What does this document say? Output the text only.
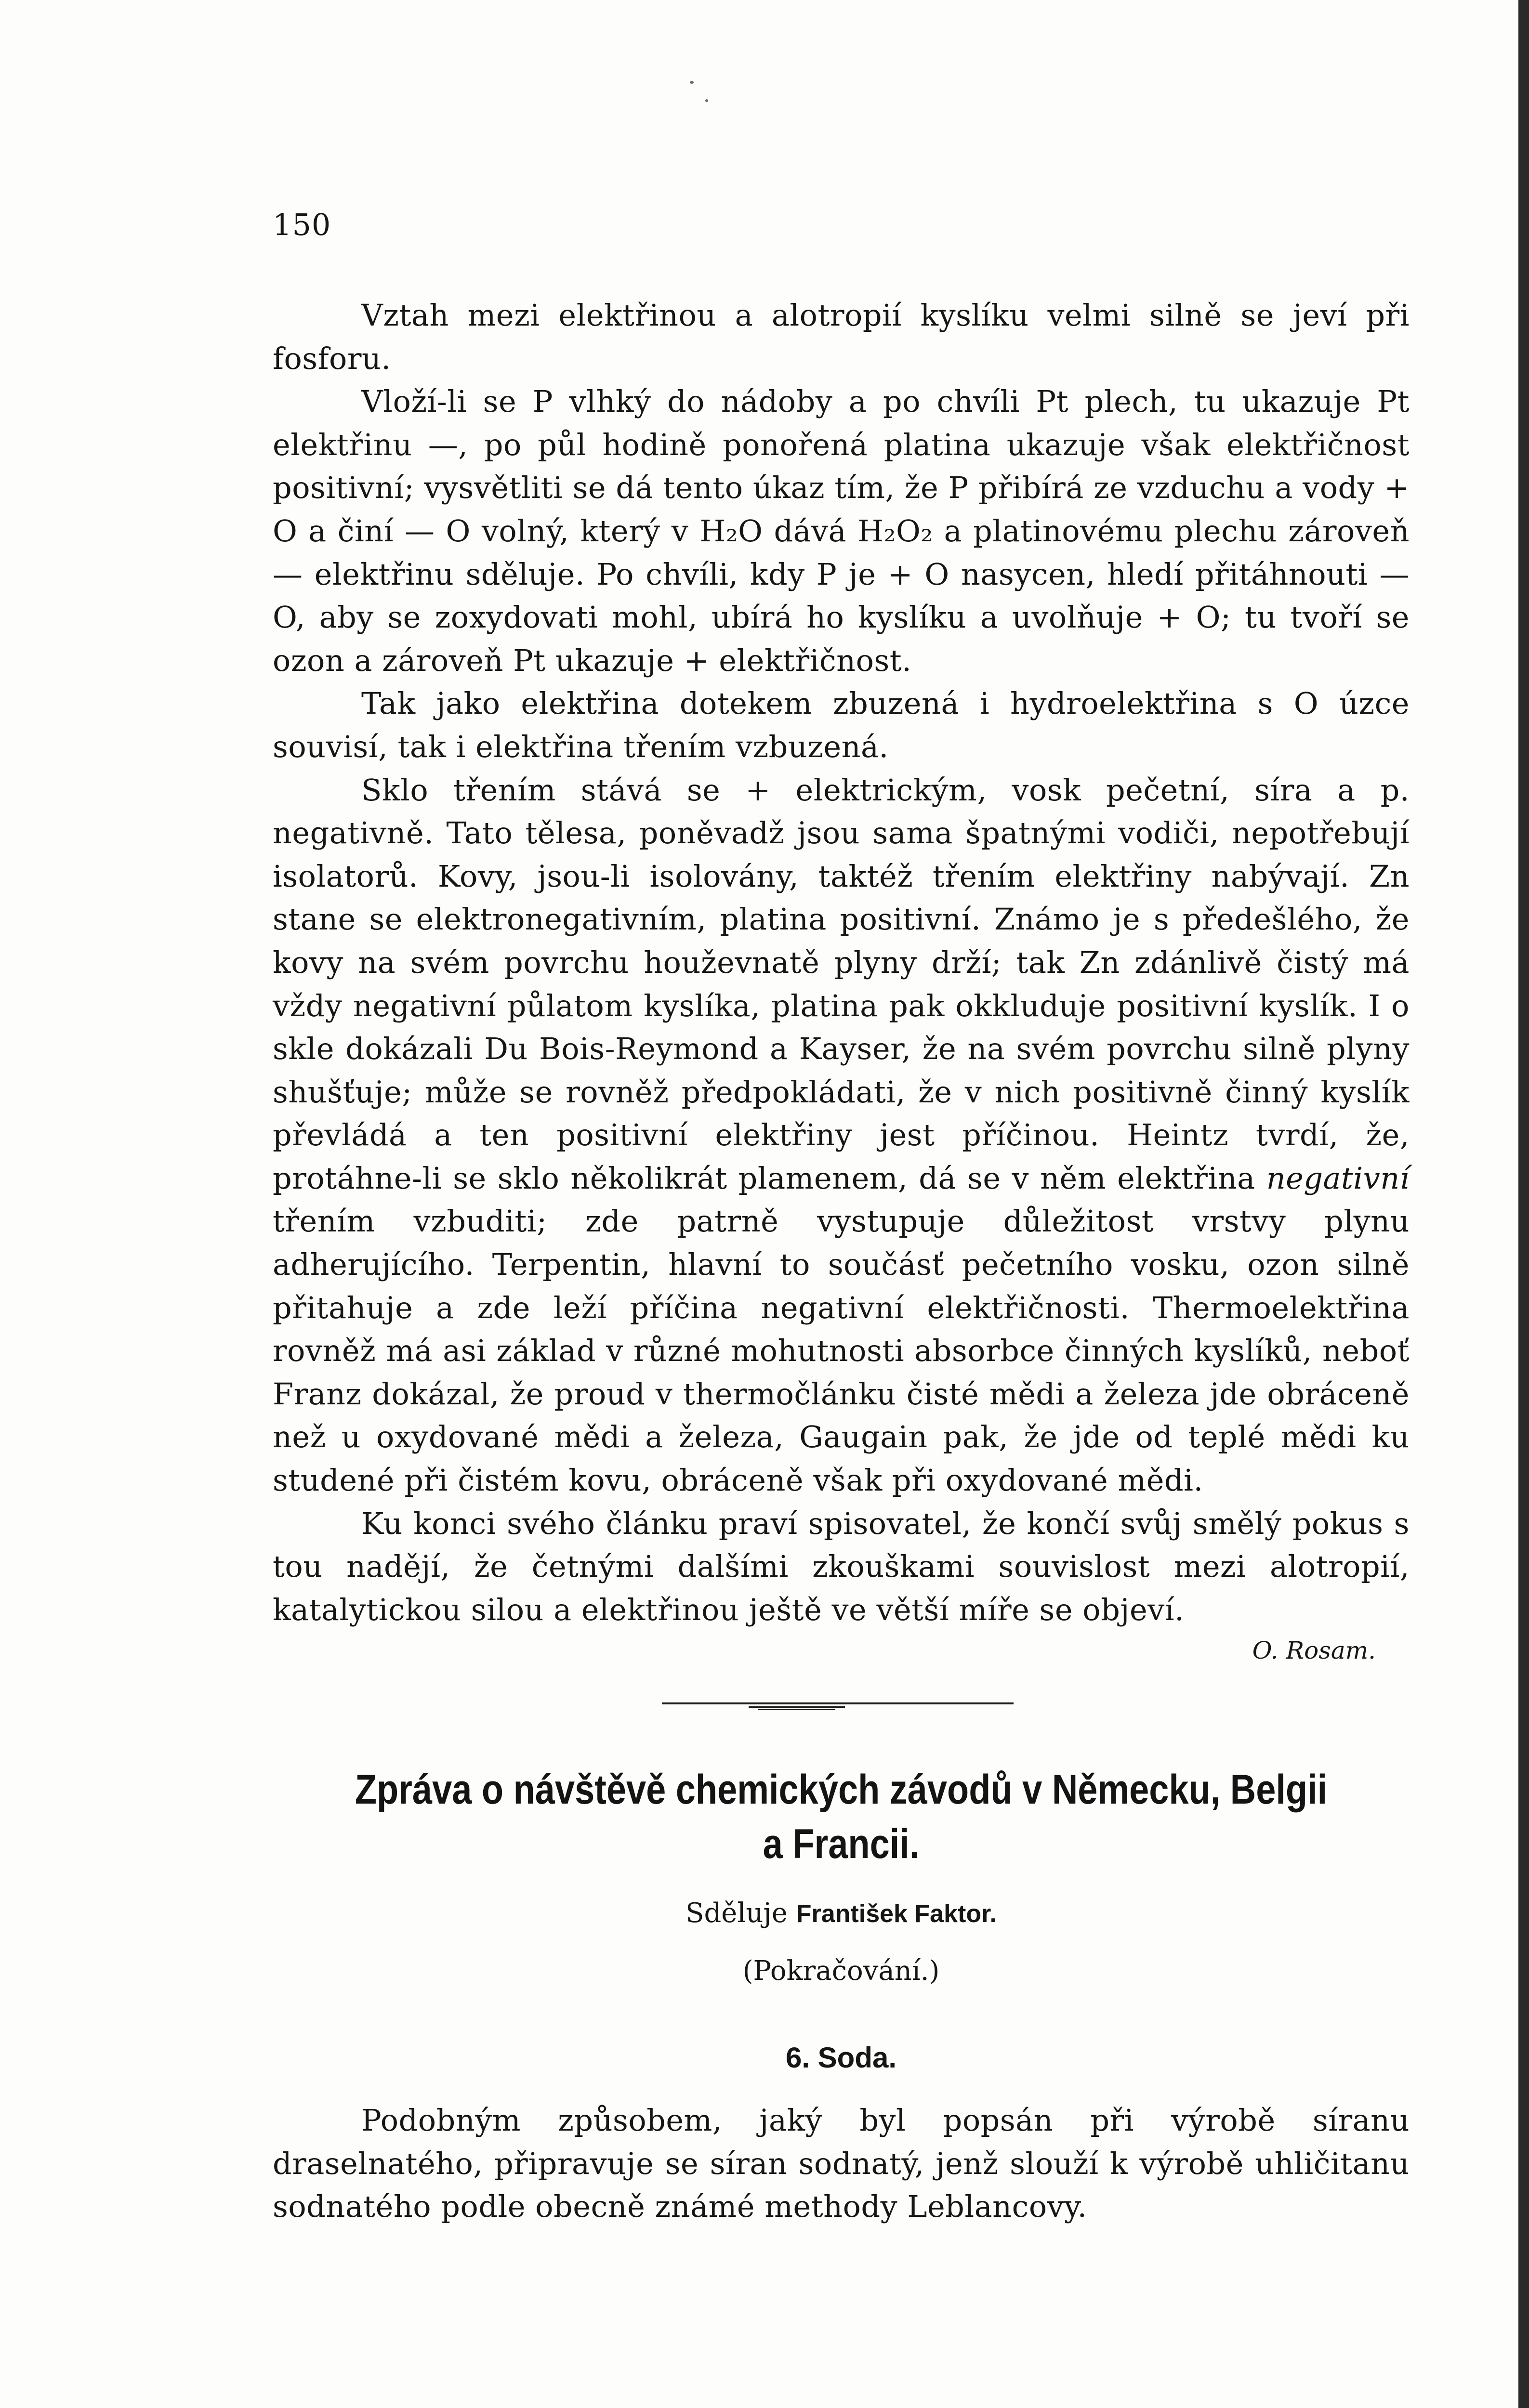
150

Vztah mezi elektřinou a alotropií kyslíku velmi silně se jeví při fosforu.

Vloží-li se P vlhký do nádoby a po chvíli Pt plech, tu ukazuje Pt elektřinu —, po půl hodině ponořená platina ukazuje však elektřičnost positivní; vysvětliti se dá tento úkaz tím, že P přibírá ze vzduchu a vody + O a činí — O volný, který v H₂O dává H₂O₂ a platinovému plechu zároveň — elektřinu sděluje. Po chvíli, kdy P je + O nasycen, hledí přitáhnouti — O, aby se zoxydovati mohl, ubírá ho kyslíku a uvolňuje + O; tu tvoří se ozon a zároveň Pt ukazuje + elektřičnost.

Tak jako elektřina dotekem zbuzená i hydroelektřina s O úzce souvisí, tak i elektřina třením vzbuzená.

Sklo třením stává se + elektrickým, vosk pečetní, síra a p. negativně. Tato tělesa, poněvadž jsou sama špatnými vodiči, nepotřebují isolatorů. Kovy, jsou-li isolovány, taktéž třením elektřiny nabývají. Zn stane se elektronegativním, platina positivní. Známo je s předešlého, že kovy na svém povrchu houževnatě plyny drží; tak Zn zdánlivě čistý má vždy negativní půlatom kyslíka, platina pak okkluduje positivní kyslík. I o skle dokázali Du Bois-Reymond a Kayser, že na svém povrchu silně plyny shušťuje; může se rovněž předpokládati, že v nich positivně činný kyslík převládá a ten positivní elektřiny jest příčinou. Heintz tvrdí, že, protáhne-li se sklo několikrát plamenem, dá se v něm elektřina negativní třením vzbuditi; zde patrně vystupuje důležitost vrstvy plynu adherujícího. Terpentin, hlavní to součásť pečetního vosku, ozon silně přitahuje a zde leží příčina negativní elektřičnosti. Thermoelektřina rovněž má asi základ v různé mohutnosti absorbce činných kyslíků, neboť Franz dokázal, že proud v thermočlánku čisté mědi a železa jde obráceně než u oxydované mědi a železa, Gaugain pak, že jde od teplé mědi ku studené při čistém kovu, obráceně však při oxydované mědi.

Ku konci svého článku praví spisovatel, že končí svůj smělý pokus s tou nadějí, že četnými dalšími zkouškami souvislost mezi alotropií, katalytickou silou a elektřinou ještě ve větší míře se objeví.

O. Rosam.
Zpráva o návštěvě chemických závodů v Německu, Belgii a Francii.
Sděluje František Faktor.
(Pokračování.)
6. Soda.

Podobným způsobem, jaký byl popsán při výrobě síranu draselnatého, připravuje se síran sodnatý, jenž slouží k výrobě uhličitanu sodnatého podle obecně známé methody Leblancovy.
